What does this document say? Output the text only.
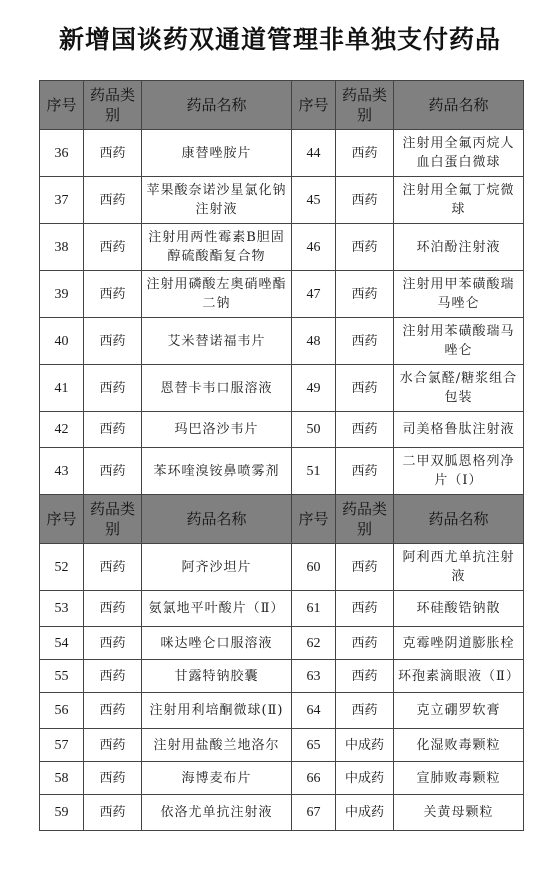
新增国谈药双通道管理非单独支付药品
序号	药品类别	药品名称	序号	药品类别	药品名称
36	西药	康替唑胺片	44	西药	注射用全氟丙烷人血白蛋白微球
37	西药	苹果酸奈诺沙星氯化钠注射液	45	西药	注射用全氟丁烷微球
38	西药	注射用两性霉素B胆固醇硫酸酯复合物	46	西药	环泊酚注射液
39	西药	注射用磷酸左奥硝唑酯二钠	47	西药	注射用甲苯磺酸瑞马唑仑
40	西药	艾米替诺福韦片	48	西药	注射用苯磺酸瑞马唑仑
41	西药	恩替卡韦口服溶液	49	西药	水合氯醛/糖浆组合包装
42	西药	玛巴洛沙韦片	50	西药	司美格鲁肽注射液
43	西药	苯环喹溴铵鼻喷雾剂	51	西药	二甲双胍恩格列净片（Ⅰ）
序号	药品类别	药品名称	序号	药品类别	药品名称
52	西药	阿齐沙坦片	60	西药	阿利西尤单抗注射液
53	西药	氨氯地平叶酸片（Ⅱ）	61	西药	环硅酸锆钠散
54	西药	咪达唑仑口服溶液	62	西药	克霉唑阴道膨胀栓
55	西药	甘露特钠胶囊	63	西药	环孢素滴眼液（Ⅱ）
56	西药	注射用利培酮微球(Ⅱ)	64	西药	克立硼罗软膏
57	西药	注射用盐酸兰地洛尔	65	中成药	化湿败毒颗粒
58	西药	海博麦布片	66	中成药	宣肺败毒颗粒
59	西药	依洛尤单抗注射液	67	中成药	关黄母颗粒
